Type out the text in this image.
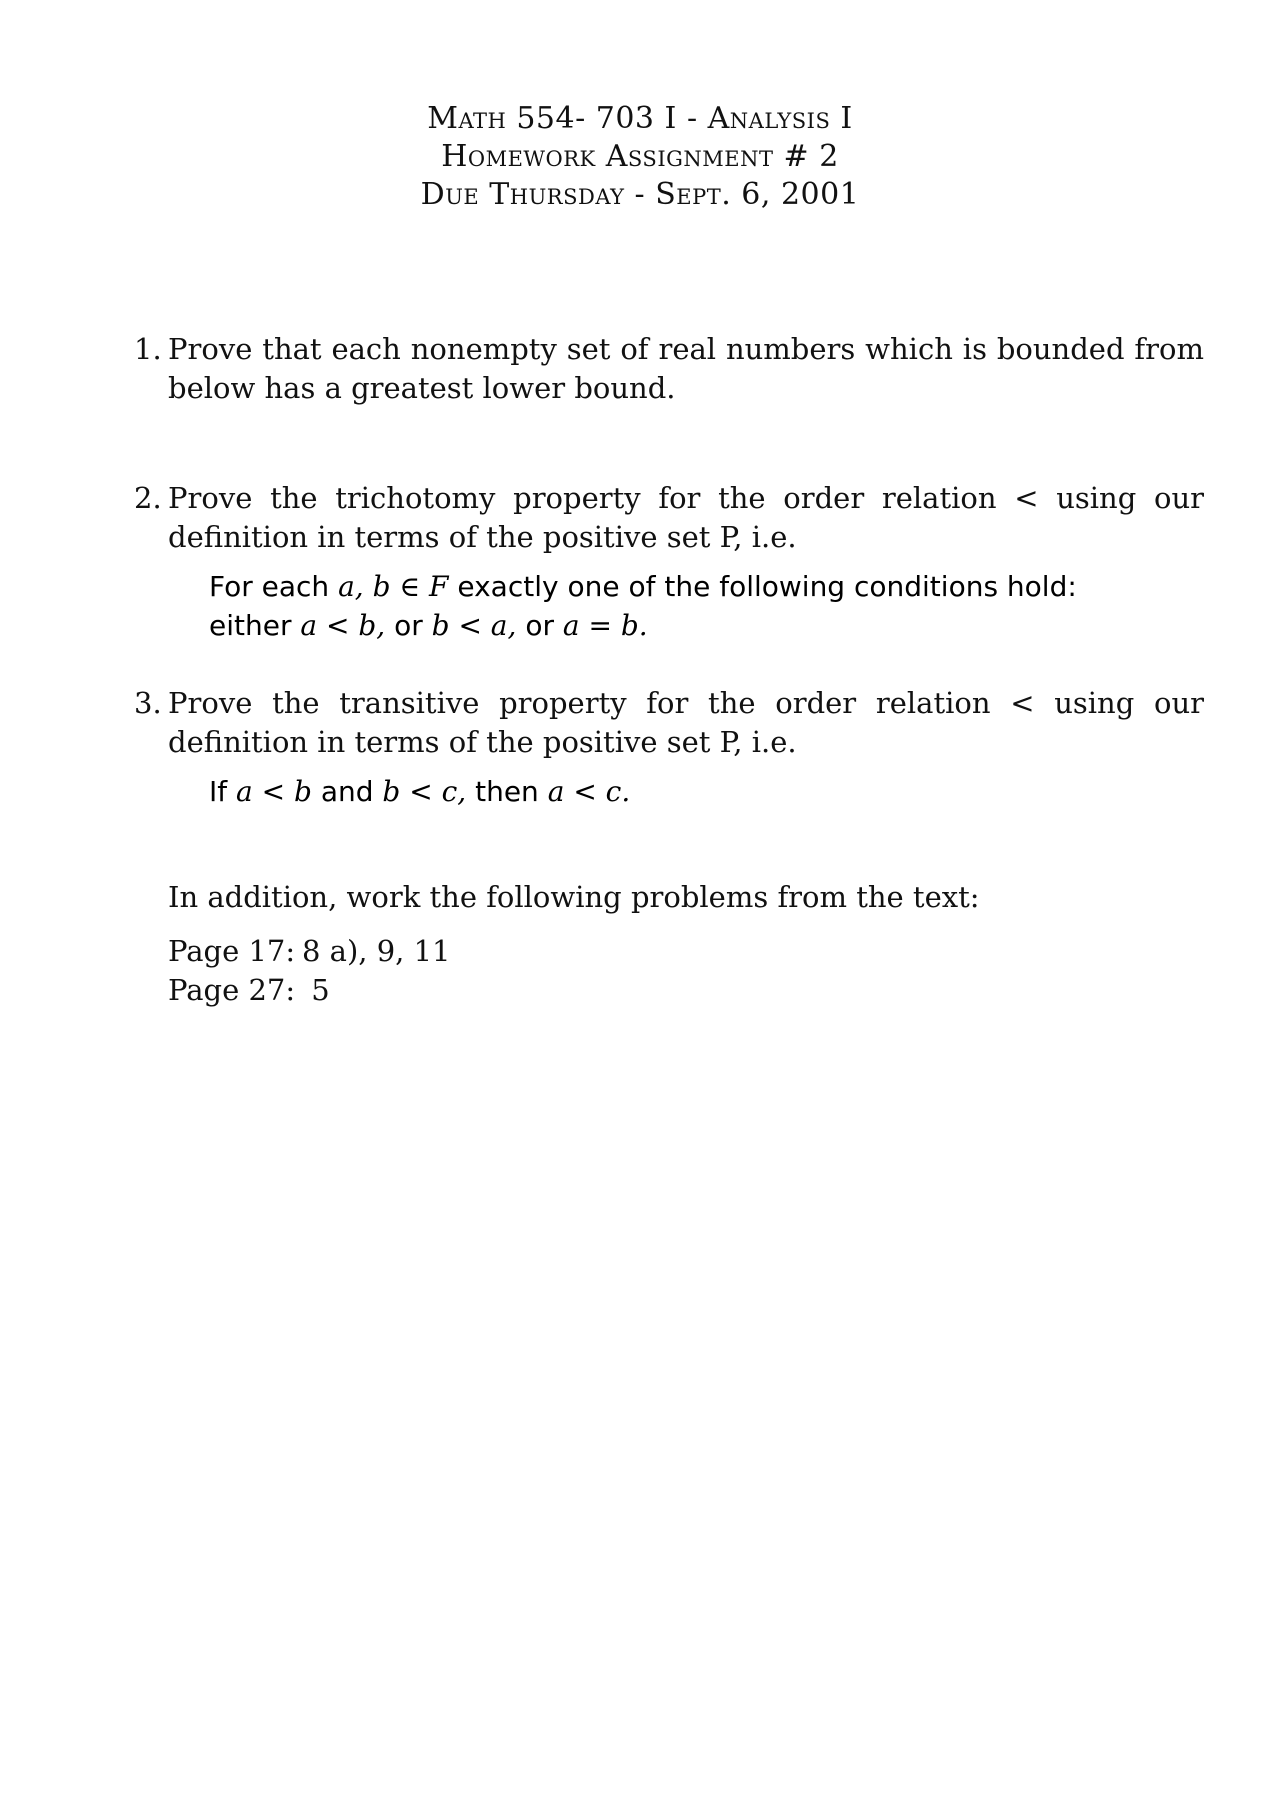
Math 554- 703 I - Analysis I
Homework Assignment # 2
Due Thursday - Sept. 6, 2001
1. Prove that each nonempty set of real numbers which is bounded from below has a greatest lower bound.
2. Prove the trichotomy property for the order relation < using our definition in terms of the positive set P, i.e.
For each a, b ∈ F exactly one of the following conditions hold:
either a < b, or b < a, or a = b.
3. Prove the transitive property for the order relation < using our definition in terms of the positive set P, i.e.
If a < b and b < c, then a < c.
In addition, work the following problems from the text:
Page 17: 8 a), 9, 11
Page 27: 5
